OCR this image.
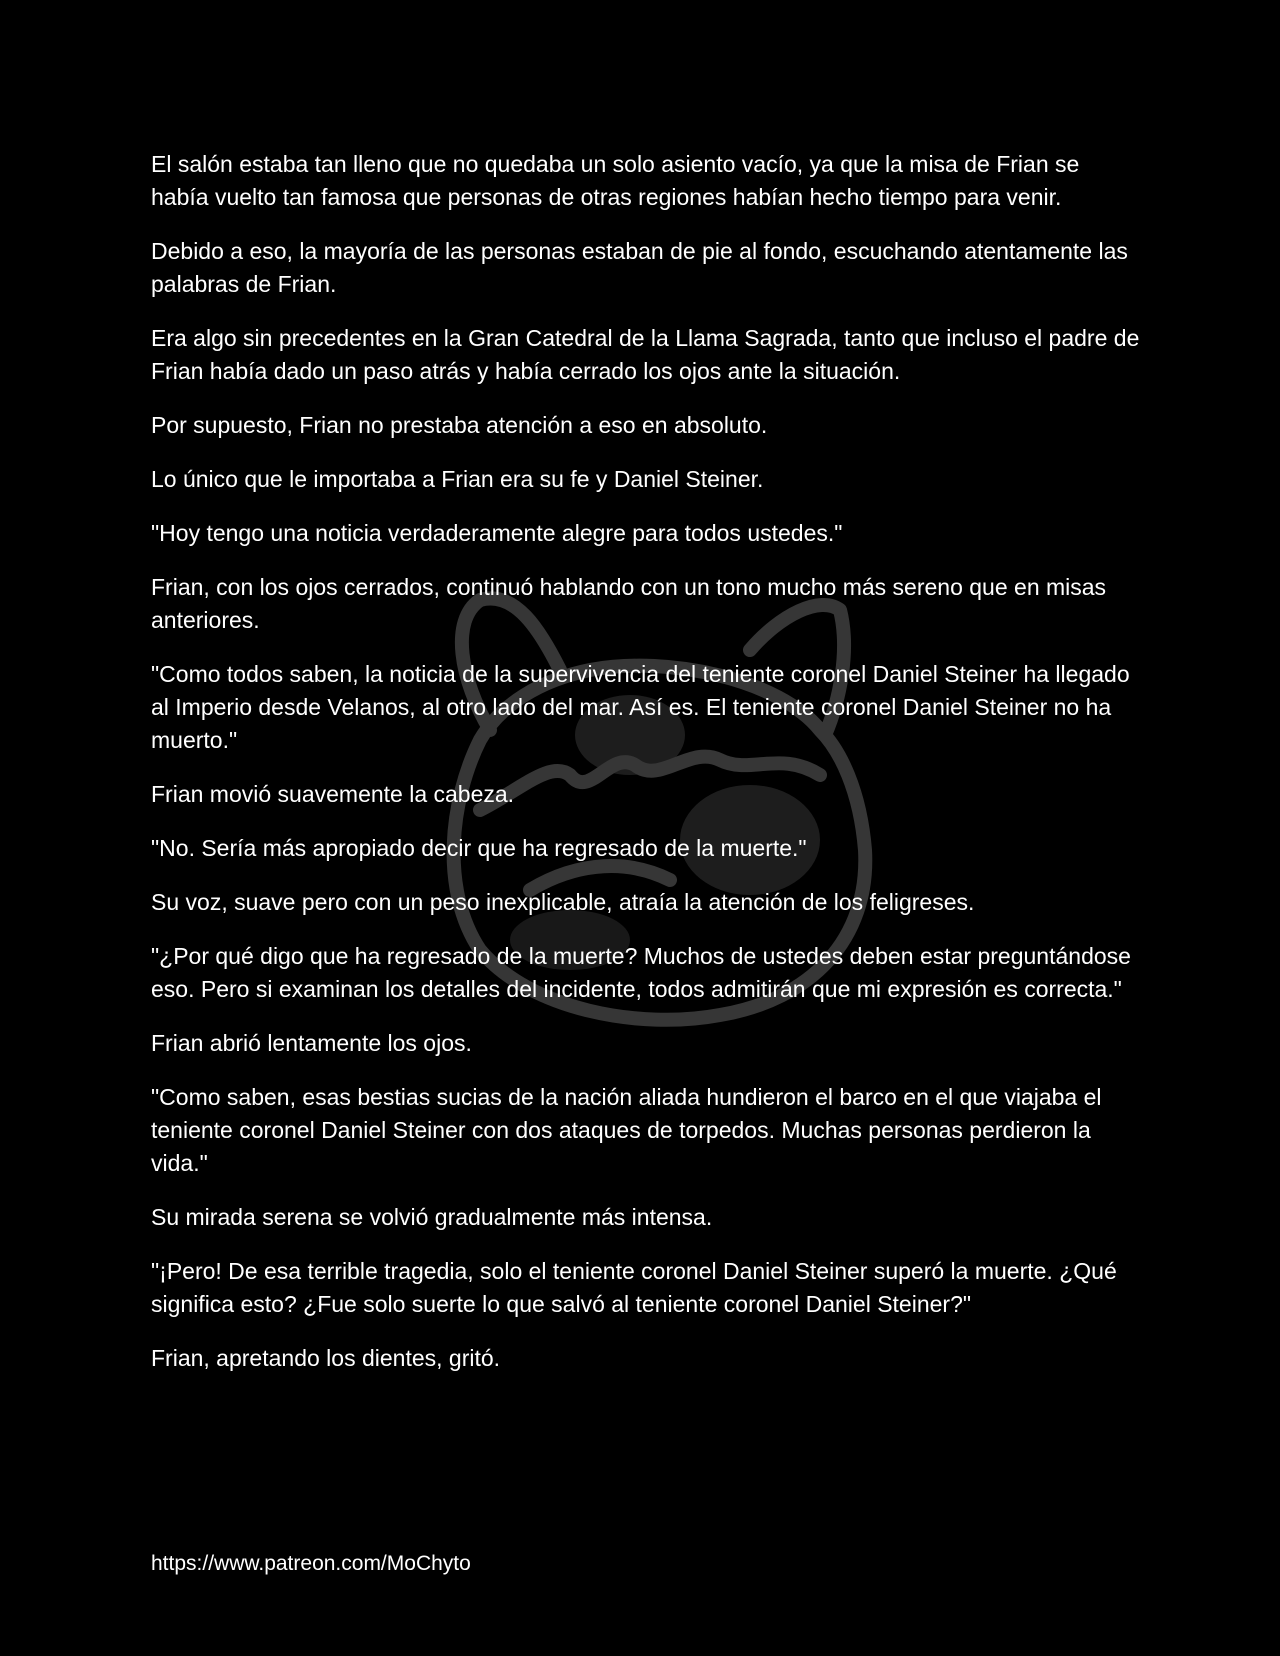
El salón estaba tan lleno que no quedaba un solo asiento vacío, ya que la misa de Frian se había vuelto tan famosa que personas de otras regiones habían hecho tiempo para venir.

Debido a eso, la mayoría de las personas estaban de pie al fondo, escuchando atentamente las palabras de Frian.

Era algo sin precedentes en la Gran Catedral de la Llama Sagrada, tanto que incluso el padre de Frian había dado un paso atrás y había cerrado los ojos ante la situación.

Por supuesto, Frian no prestaba atención a eso en absoluto.

Lo único que le importaba a Frian era su fe y Daniel Steiner.

"Hoy tengo una noticia verdaderamente alegre para todos ustedes."

Frian, con los ojos cerrados, continuó hablando con un tono mucho más sereno que en misas anteriores.

"Como todos saben, la noticia de la supervivencia del teniente coronel Daniel Steiner ha llegado al Imperio desde Velanos, al otro lado del mar. Así es. El teniente coronel Daniel Steiner no ha muerto."

Frian movió suavemente la cabeza.

"No. Sería más apropiado decir que ha regresado de la muerte."

Su voz, suave pero con un peso inexplicable, atraía la atención de los feligreses.

"¿Por qué digo que ha regresado de la muerte? Muchos de ustedes deben estar preguntándose eso. Pero si examinan los detalles del incidente, todos admitirán que mi expresión es correcta."

Frian abrió lentamente los ojos.

"Como saben, esas bestias sucias de la nación aliada hundieron el barco en el que viajaba el teniente coronel Daniel Steiner con dos ataques de torpedos. Muchas personas perdieron la vida."

Su mirada serena se volvió gradualmente más intensa.

"¡Pero! De esa terrible tragedia, solo el teniente coronel Daniel Steiner superó la muerte. ¿Qué significa esto? ¿Fue solo suerte lo que salvó al teniente coronel Daniel Steiner?"

Frian, apretando los dientes, gritó.

https://www.patreon.com/MoChyto
